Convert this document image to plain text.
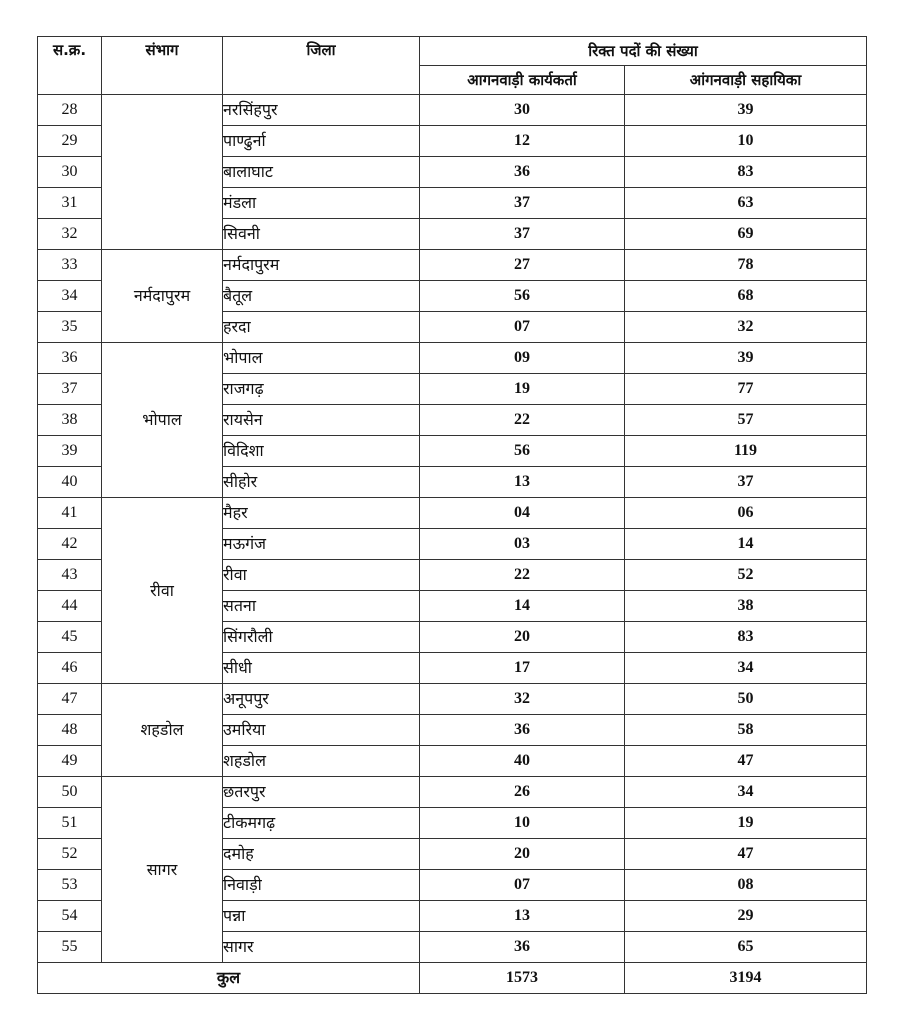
स.क्र.	संभाग	जिला	रिक्त पदों की संख्या	
			आगनवाड़ी कार्यकर्ता	आंगनवाड़ी सहायिका
28		नरसिंहपुर	30	39
29		पाण्ढुर्ना	12	10
30		बालाघाट	36	83
31		मंडला	37	63
32		सिवनी	37	69
33	नर्मदापुरम	नर्मदापुरम	27	78
34		बैतूल	56	68
35		हरदा	07	32
36	भोपाल	भोपाल	09	39
37		राजगढ़	19	77
38		रायसेन	22	57
39		विदिशा	56	119
40		सीहोर	13	37
41	रीवा	मैहर	04	06
42		मऊगंज	03	14
43		रीवा	22	52
44		सतना	14	38
45		सिंगरौली	20	83
46		सीधी	17	34
47	शहडोल	अनूपपुर	32	50
48		उमरिया	36	58
49		शहडोल	40	47
50	सागर	छतरपुर	26	34
51		टीकमगढ़	10	19
52		दमोह	20	47
53		निवाड़ी	07	08
54		पन्ना	13	29
55		सागर	36	65
कुल			1573	3194
